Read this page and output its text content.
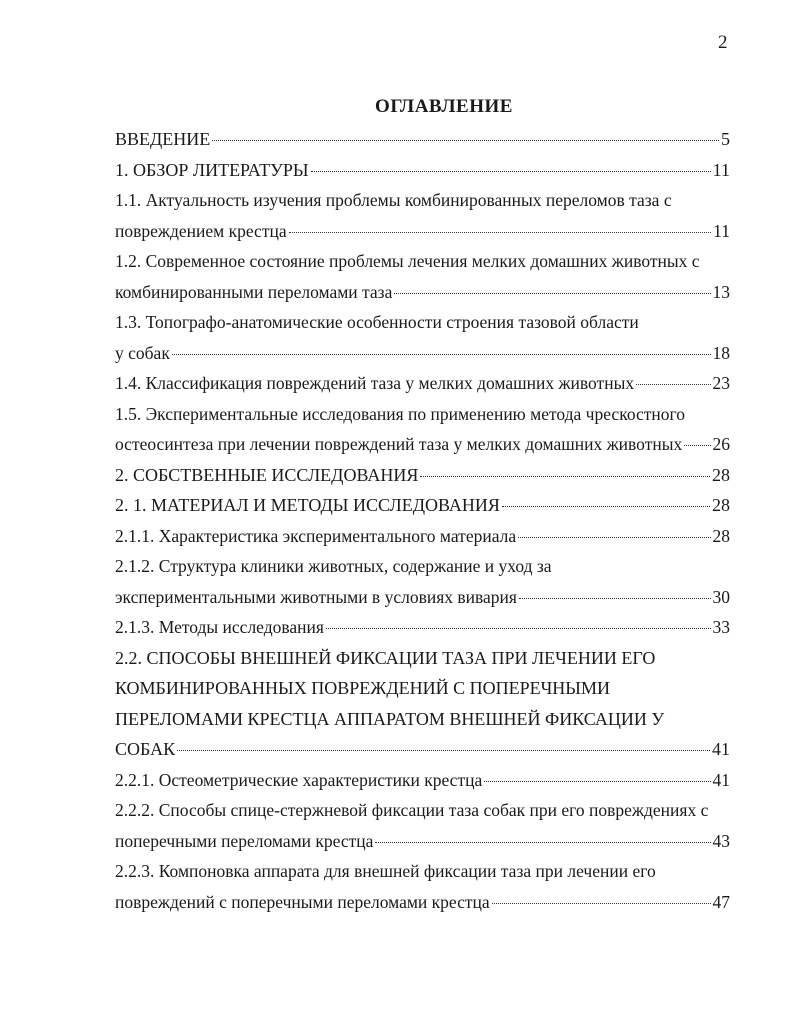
2
ОГЛАВЛЕНИЕ
ВВЕДЕНИЕ	5
1. ОБЗОР ЛИТЕРАТУРЫ	11
1.1. Актуальность изучения проблемы комбинированных переломов таза с
повреждением крестца	11
1.2. Современное состояние проблемы лечения мелких домашних животных с
комбинированными переломами таза	13
1.3. Топографо-анатомические особенности строения тазовой области
у собак	18
1.4. Классификация повреждений таза у мелких домашних животных	23
1.5. Экспериментальные исследования по применению метода чрескостного
остеосинтеза при лечении повреждений таза у мелких домашних животных 26
2. СОБСТВЕННЫЕ ИССЛЕДОВАНИЯ	28
2. 1. МАТЕРИАЛ И МЕТОДЫ ИССЛЕДОВАНИЯ	28
2.1.1. Характеристика экспериментального материала	28
2.1.2. Структура клиники животных, содержание и уход за
экспериментальными животными в условиях вивария	30
2.1.3. Методы исследования	33
2.2. СПОСОБЫ ВНЕШНЕЙ ФИКСАЦИИ ТАЗА ПРИ ЛЕЧЕНИИ ЕГО
КОМБИНИРОВАННЫХ ПОВРЕЖДЕНИЙ С ПОПЕРЕЧНЫМИ
ПЕРЕЛОМАМИ КРЕСТЦА АППАРАТОМ ВНЕШНЕЙ ФИКСАЦИИ У
СОБАК	41
2.2.1. Остеометрические характеристики крестца	41
2.2.2. Способы спице-стержневой фиксации таза собак при его повреждениях с
поперечными переломами крестца	43
2.2.3. Компоновка аппарата для внешней фиксации таза при лечении его
повреждений с поперечными переломами крестца	47
